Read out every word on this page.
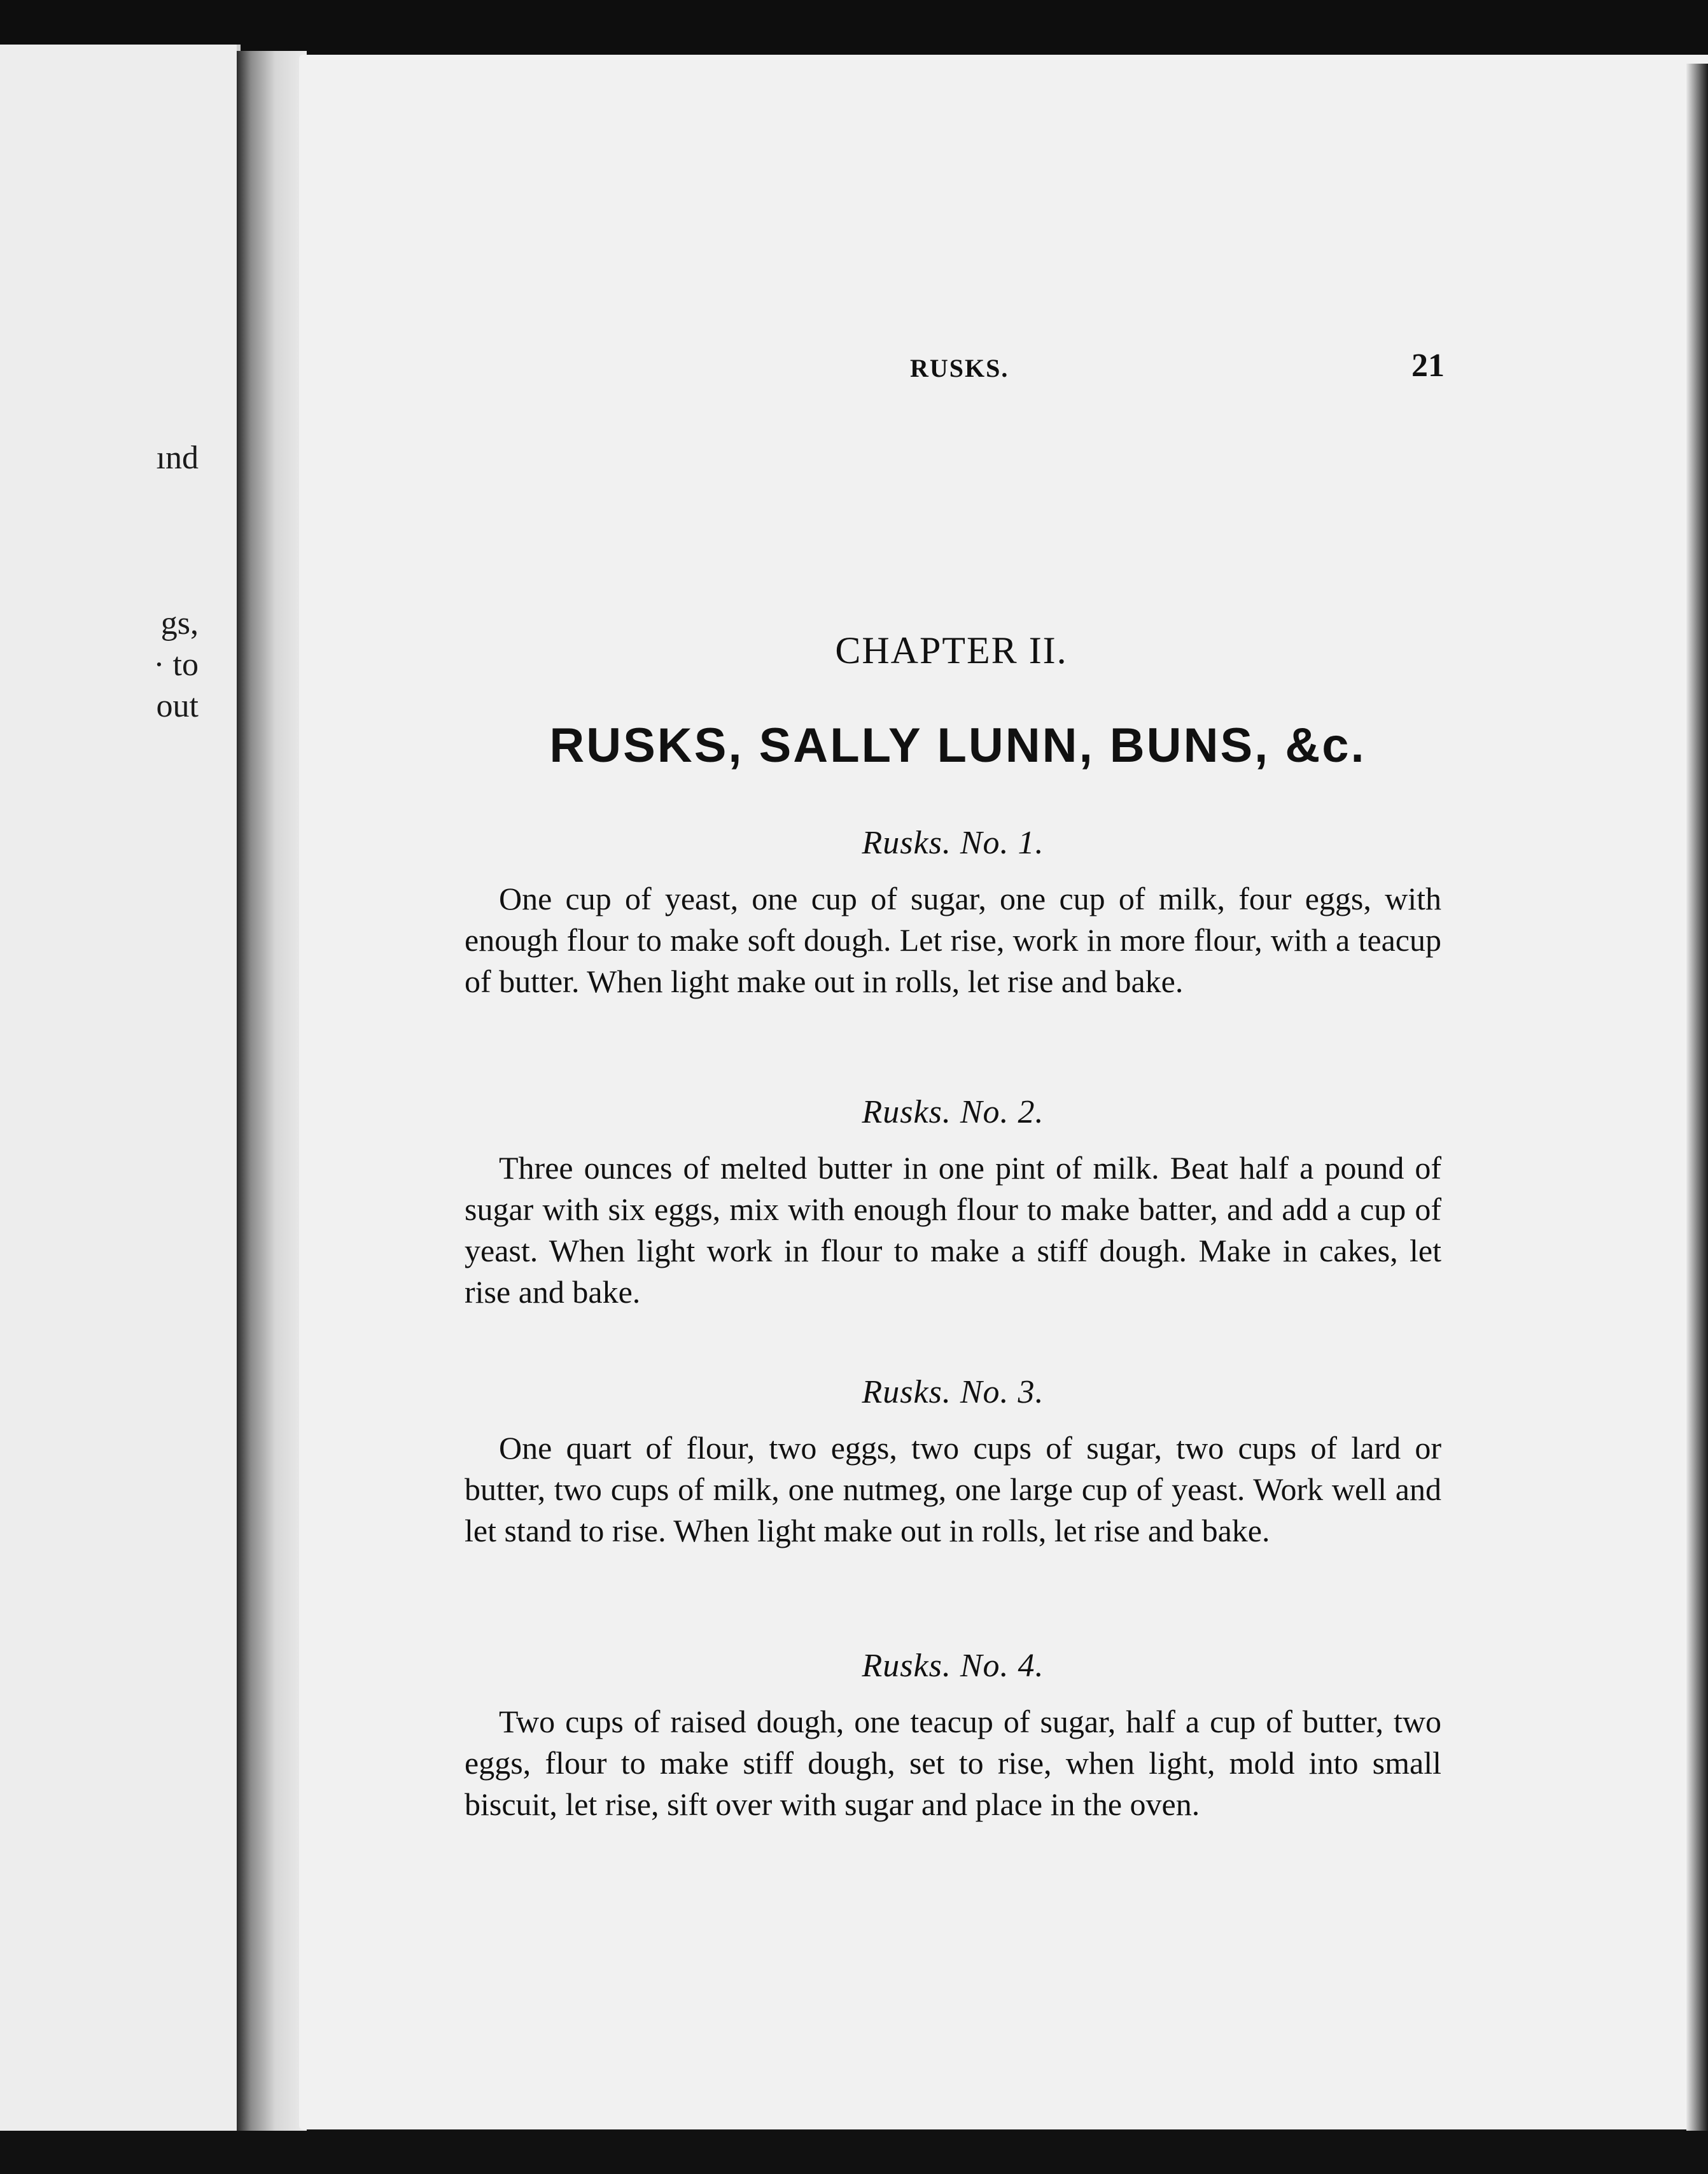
ınd
gs,
· to
out
RUSKS.	21
CHAPTER II.
RUSKS, SALLY LUNN, BUNS, &c.

Rusks. No. 1.

One cup of yeast, one cup of sugar, one cup of milk, four eggs, with enough flour to make soft dough. Let rise, work in more flour, with a teacup of butter. When light make out in rolls, let rise and bake.

Rusks. No. 2.

Three ounces of melted butter in one pint of milk. Beat half a pound of sugar with six eggs, mix with enough flour to make batter, and add a cup of yeast. When light work in flour to make a stiff dough. Make in cakes, let rise and bake.

Rusks. No. 3.

One quart of flour, two eggs, two cups of sugar, two cups of lard or butter, two cups of milk, one nutmeg, one large cup of yeast. Work well and let stand to rise. When light make out in rolls, let rise and bake.

Rusks. No. 4.

Two cups of raised dough, one teacup of sugar, half a cup of butter, two eggs, flour to make stiff dough, set to rise, when light, mold into small biscuit, let rise, sift over with sugar and place in the oven.
